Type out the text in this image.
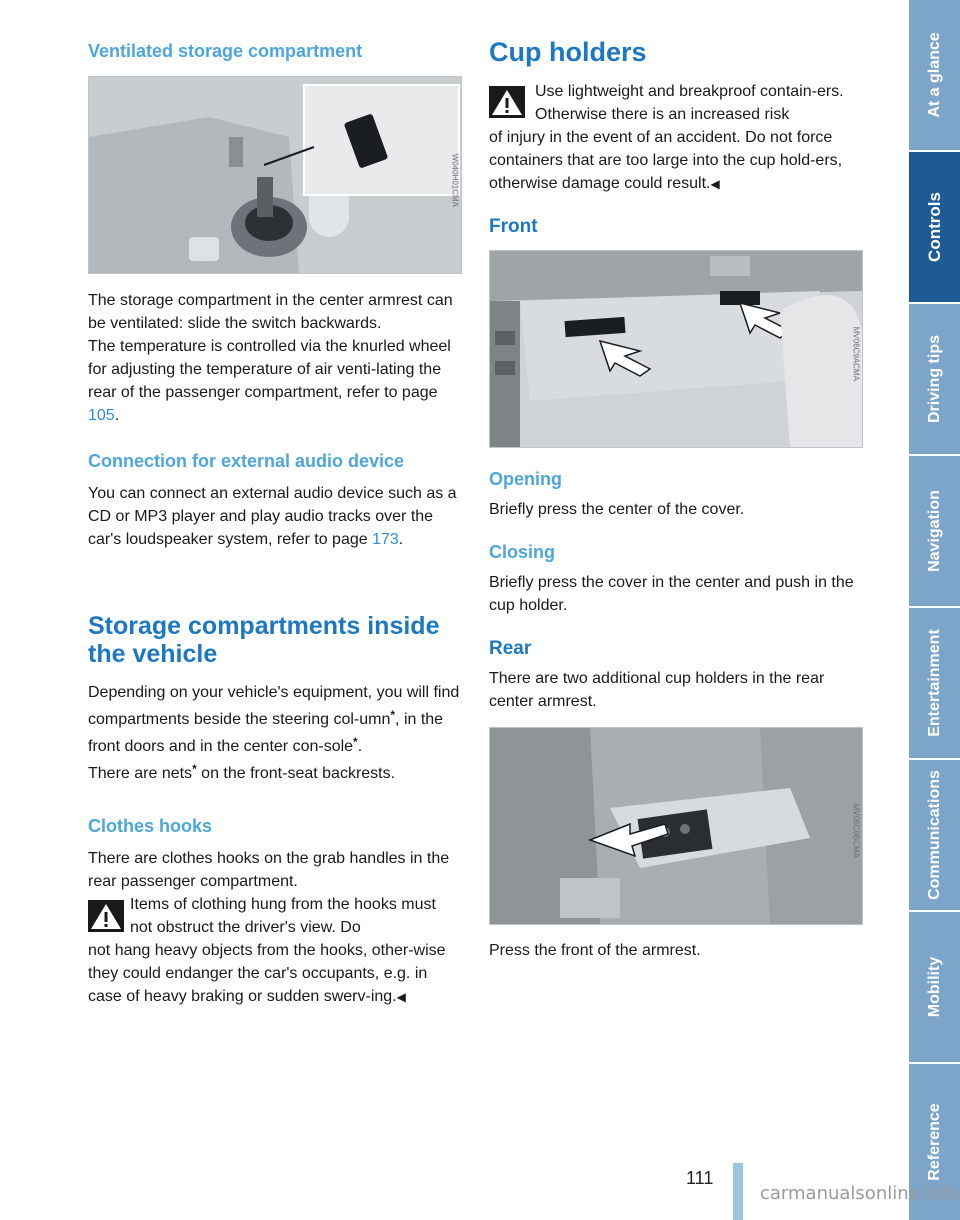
Ventilated storage compartment
W040H01CMA

The storage compartment in the center armrest can be ventilated: slide the switch backwards.

The temperature is controlled via the knurled wheel for adjusting the temperature of air venti-lating the rear of the passenger compartment, refer to page 105.

Connection for external audio device

You can connect an external audio device such as a CD or MP3 player and play audio tracks over the car's loudspeaker system, refer to page 173.

Storage compartments inside the vehicle

Depending on your vehicle's equipment, you will find compartments beside the steering col-umn*, in the front doors and in the center con-sole*.
There are nets* on the front-seat backrests.

Clothes hooks

There are clothes hooks on the grab handles in the rear passenger compartment.

Items of clothing hung from the hooks must not obstruct the driver's view. Do

not hang heavy objects from the hooks, other-wise they could endanger the car's occupants, e.g. in case of heavy braking or sudden swerv-ing.◀

Cup holders

Use lightweight and breakproof contain-ers. Otherwise there is an increased risk

of injury in the event of an accident. Do not force containers that are too large into the cup hold-ers, otherwise damage could result.◀

Front
MV06C9ACMA
Opening

Briefly press the center of the cover.

Closing

Briefly press the cover in the center and push in the cup holder.

Rear

There are two additional cup holders in the rear center armrest.

MV06C9BCMA

Press the front of the armrest.

111
At a glance
Controls
Driving tips
Navigation
Entertainment
Communications
Mobility
Reference
carmanualsonline.info
